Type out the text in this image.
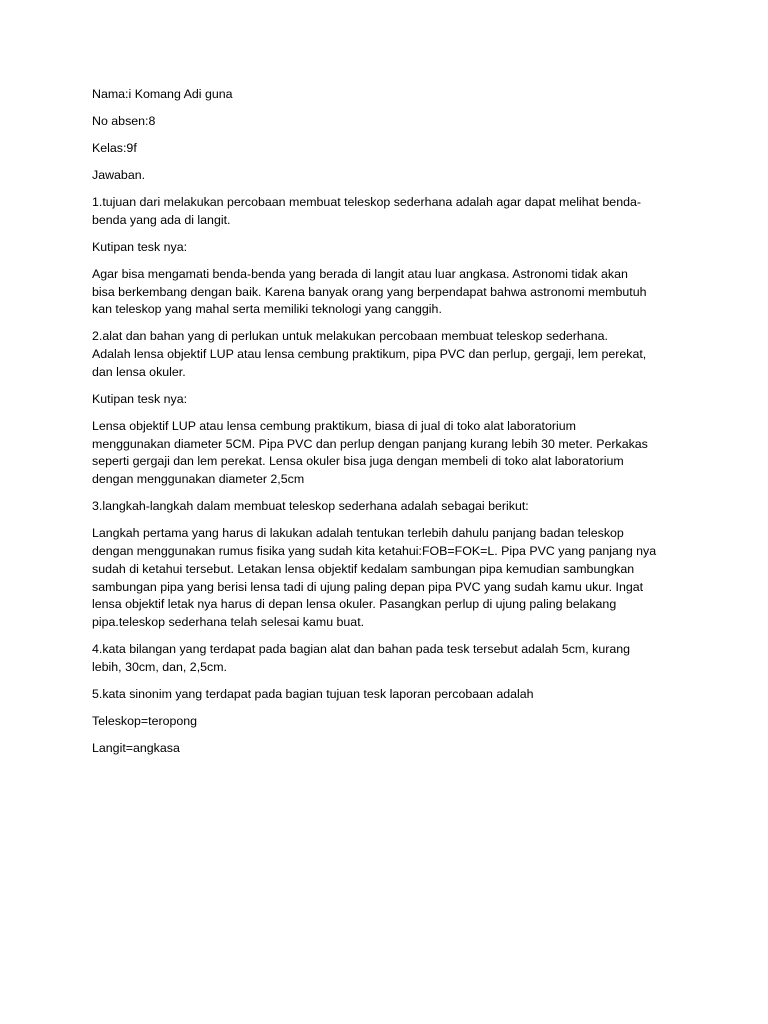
Nama:i Komang Adi guna

No absen:8

Kelas:9f

Jawaban.

1.tujuan dari melakukan percobaan membuat teleskop sederhana adalah agar dapat melihat benda-
benda yang ada di langit.

Kutipan tesk nya:

Agar bisa mengamati benda-benda yang berada di langit atau luar angkasa. Astronomi tidak akan
bisa berkembang dengan baik. Karena banyak orang yang berpendapat bahwa astronomi membutuh
kan teleskop yang mahal serta memiliki teknologi yang canggih.

2.alat dan bahan yang di perlukan untuk melakukan percobaan membuat teleskop sederhana.
Adalah lensa objektif LUP atau lensa cembung praktikum, pipa PVC dan perlup, gergaji, lem perekat,
dan lensa okuler.

Kutipan tesk nya:

Lensa objektif LUP atau lensa cembung praktikum, biasa di jual di toko alat laboratorium
menggunakan diameter 5CM. Pipa PVC dan perlup dengan panjang kurang lebih 30 meter. Perkakas
seperti gergaji dan lem perekat. Lensa okuler bisa juga dengan membeli di toko alat laboratorium
dengan menggunakan diameter 2,5cm

3.langkah-langkah dalam membuat teleskop sederhana adalah sebagai berikut:

Langkah pertama yang harus di lakukan adalah tentukan terlebih dahulu panjang badan teleskop
dengan menggunakan rumus fisika yang sudah kita ketahui:FOB=FOK=L. Pipa PVC yang panjang nya
sudah di ketahui tersebut. Letakan lensa objektif kedalam sambungan pipa kemudian sambungkan
sambungan pipa yang berisi lensa tadi di ujung paling depan pipa PVC yang sudah kamu ukur. Ingat
lensa objektif letak nya harus di depan lensa okuler. Pasangkan perlup di ujung paling belakang
pipa.teleskop sederhana telah selesai kamu buat.

4.kata bilangan yang terdapat pada bagian alat dan bahan pada tesk tersebut adalah 5cm, kurang
lebih, 30cm, dan, 2,5cm.

5.kata sinonim yang terdapat pada bagian tujuan tesk laporan percobaan adalah

Teleskop=teropong

Langit=angkasa
